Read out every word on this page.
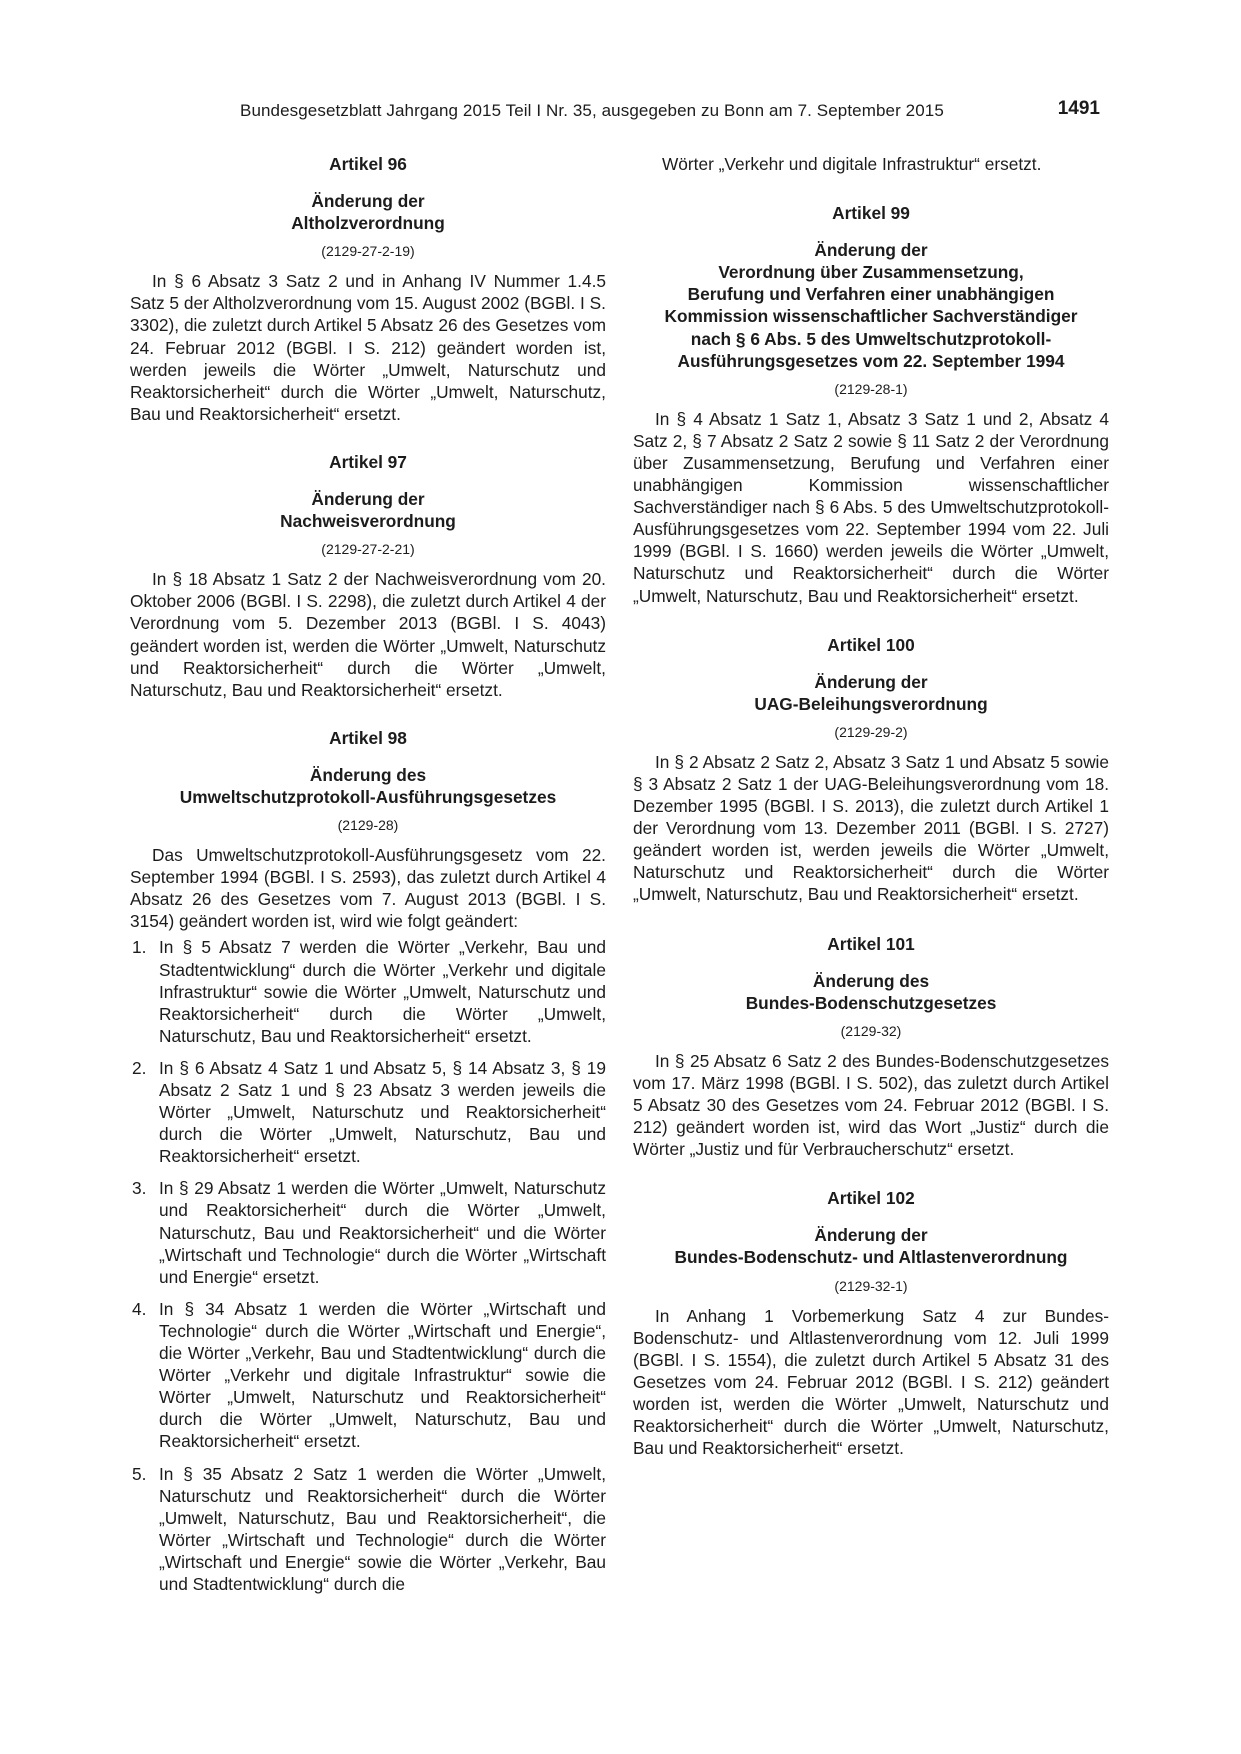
Bundesgesetzblatt Jahrgang 2015 Teil I Nr. 35, ausgegeben zu Bonn am 7. September 2015	1491

Artikel 96

Änderung der

Altholzverordnung

(2129-27-2-19)

In § 6 Absatz 3 Satz 2 und in Anhang IV Nummer 1.4.5 Satz 5 der Altholzverordnung vom 15. August 2002 (BGBl. I S. 3302), die zuletzt durch Artikel 5 Absatz 26 des Gesetzes vom 24. Februar 2012 (BGBl. I S. 212) geändert worden ist, werden jeweils die Wörter „Umwelt, Naturschutz und Reaktorsicherheit“ durch die Wörter „Umwelt, Naturschutz, Bau und Reaktorsicherheit“ ersetzt.

Artikel 97

Änderung der

Nachweisverordnung

(2129-27-2-21)

In § 18 Absatz 1 Satz 2 der Nachweisverordnung vom 20. Oktober 2006 (BGBl. I S. 2298), die zuletzt durch Artikel 4 der Verordnung vom 5. Dezember 2013 (BGBl. I S. 4043) geändert worden ist, werden die Wörter „Umwelt, Naturschutz und Reaktorsicherheit“ durch die Wörter „Umwelt, Naturschutz, Bau und Reaktorsicherheit“ ersetzt.

Artikel 98

Änderung des

Umweltschutzprotokoll-Ausführungsgesetzes

(2129-28)

Das Umweltschutzprotokoll-Ausführungsgesetz vom 22. September 1994 (BGBl. I S. 2593), das zuletzt durch Artikel 4 Absatz 26 des Gesetzes vom 7. August 2013 (BGBl. I S. 3154) geändert worden ist, wird wie folgt geändert:

1. In § 5 Absatz 7 werden die Wörter „Verkehr, Bau und Stadtentwicklung“ durch die Wörter „Verkehr und digitale Infrastruktur“ sowie die Wörter „Umwelt, Naturschutz und Reaktorsicherheit“ durch die Wörter „Umwelt, Naturschutz, Bau und Reaktorsicherheit“ ersetzt.
2. In § 6 Absatz 4 Satz 1 und Absatz 5, § 14 Absatz 3, § 19 Absatz 2 Satz 1 und § 23 Absatz 3 werden jeweils die Wörter „Umwelt, Naturschutz und Reaktorsicherheit“ durch die Wörter „Umwelt, Naturschutz, Bau und Reaktorsicherheit“ ersetzt.
3. In § 29 Absatz 1 werden die Wörter „Umwelt, Naturschutz und Reaktorsicherheit“ durch die Wörter „Umwelt, Naturschutz, Bau und Reaktorsicherheit“ und die Wörter „Wirtschaft und Technologie“ durch die Wörter „Wirtschaft und Energie“ ersetzt.
4. In § 34 Absatz 1 werden die Wörter „Wirtschaft und Technologie“ durch die Wörter „Wirtschaft und Energie“, die Wörter „Verkehr, Bau und Stadtentwicklung“ durch die Wörter „Verkehr und digitale Infrastruktur“ sowie die Wörter „Umwelt, Naturschutz und Reaktorsicherheit“ durch die Wörter „Umwelt, Naturschutz, Bau und Reaktorsicherheit“ ersetzt.
5. In § 35 Absatz 2 Satz 1 werden die Wörter „Umwelt, Naturschutz und Reaktorsicherheit“ durch die Wörter „Umwelt, Naturschutz, Bau und Reaktorsicherheit“, die Wörter „Wirtschaft und Technologie“ durch die Wörter „Wirtschaft und Energie“ sowie die Wörter „Verkehr, Bau und Stadtentwicklung“ durch die

Wörter „Verkehr und digitale Infrastruktur“ ersetzt.

Artikel 99

Änderung der

Verordnung über Zusammensetzung,

Berufung und Verfahren einer unabhängigen

Kommission wissenschaftlicher Sachverständiger

nach § 6 Abs. 5 des Umweltschutzprotokoll-

Ausführungsgesetzes vom 22. September 1994

(2129-28-1)

In § 4 Absatz 1 Satz 1, Absatz 3 Satz 1 und 2, Absatz 4 Satz 2, § 7 Absatz 2 Satz 2 sowie § 11 Satz 2 der Verordnung über Zusammensetzung, Berufung und Verfahren einer unabhängigen Kommission wissenschaftlicher Sachverständiger nach § 6 Abs. 5 des Umweltschutzprotokoll-Ausführungsgesetzes vom 22. September 1994 vom 22. Juli 1999 (BGBl. I S. 1660) werden jeweils die Wörter „Umwelt, Naturschutz und Reaktorsicherheit“ durch die Wörter „Umwelt, Naturschutz, Bau und Reaktorsicherheit“ ersetzt.

Artikel 100

Änderung der

UAG-Beleihungsverordnung

(2129-29-2)

In § 2 Absatz 2 Satz 2, Absatz 3 Satz 1 und Absatz 5 sowie § 3 Absatz 2 Satz 1 der UAG-Beleihungsverordnung vom 18. Dezember 1995 (BGBl. I S. 2013), die zuletzt durch Artikel 1 der Verordnung vom 13. Dezember 2011 (BGBl. I S. 2727) geändert worden ist, werden jeweils die Wörter „Umwelt, Naturschutz und Reaktorsicherheit“ durch die Wörter „Umwelt, Naturschutz, Bau und Reaktorsicherheit“ ersetzt.

Artikel 101

Änderung des

Bundes-Bodenschutzgesetzes

(2129-32)

In § 25 Absatz 6 Satz 2 des Bundes-Bodenschutzgesetzes vom 17. März 1998 (BGBl. I S. 502), das zuletzt durch Artikel 5 Absatz 30 des Gesetzes vom 24. Februar 2012 (BGBl. I S. 212) geändert worden ist, wird das Wort „Justiz“ durch die Wörter „Justiz und für Verbraucherschutz“ ersetzt.

Artikel 102

Änderung der

Bundes-Bodenschutz- und Altlastenverordnung

(2129-32-1)

In Anhang 1 Vorbemerkung Satz 4 zur Bundes-Bodenschutz- und Altlastenverordnung vom 12. Juli 1999 (BGBl. I S. 1554), die zuletzt durch Artikel 5 Absatz 31 des Gesetzes vom 24. Februar 2012 (BGBl. I S. 212) geändert worden ist, werden die Wörter „Umwelt, Naturschutz und Reaktorsicherheit“ durch die Wörter „Umwelt, Naturschutz, Bau und Reaktorsicherheit“ ersetzt.
